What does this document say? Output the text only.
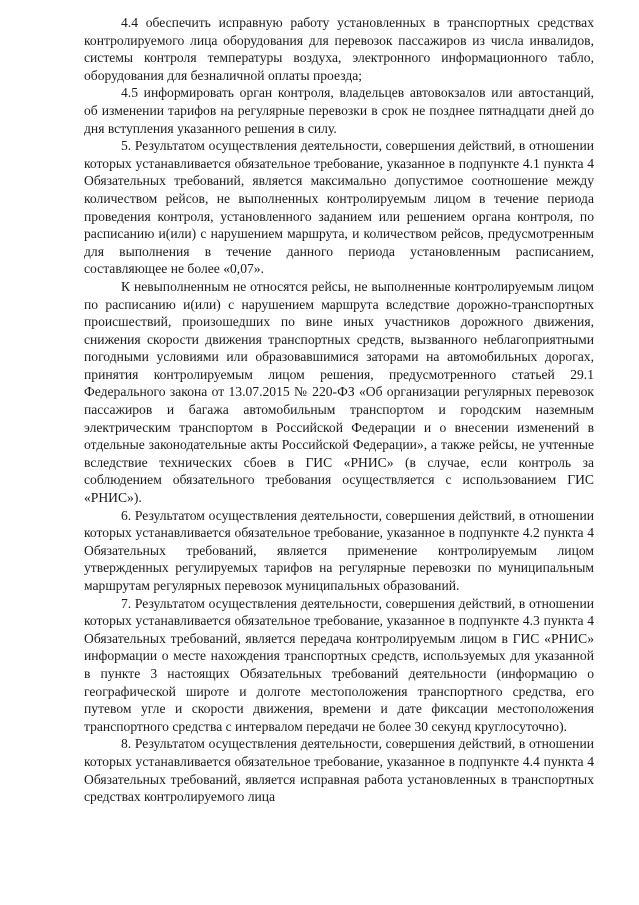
4.4 обеспечить исправную работу установленных в транспортных средствах контролируемого лица оборудования для перевозок пассажиров из числа инвалидов, системы контроля температуры воздуха, электронного информационного табло, оборудования для безналичной оплаты проезда;

4.5 информировать орган контроля, владельцев автовокзалов или автостанций, об изменении тарифов на регулярные перевозки в срок не позднее пятнадцати дней до дня вступления указанного решения в силу.

5. Результатом осуществления деятельности, совершения действий, в отношении которых устанавливается обязательное требование, указанное в подпункте 4.1 пункта 4 Обязательных требований, является максимально допустимое соотношение между количеством рейсов, не выполненных контролируемым лицом в течение периода проведения контроля, установленного заданием или решением органа контроля, по расписанию и(или) с нарушением маршрута, и количеством рейсов, предусмотренным для выполнения в течение данного периода установленным расписанием, составляющее не более «0,07».

К невыполненным не относятся рейсы, не выполненные контролируемым лицом по расписанию и(или) с нарушением маршрута вследствие дорожно-транспортных происшествий, произошедших по вине иных участников дорожного движения, снижения скорости движения транспортных средств, вызванного неблагоприятными погодными условиями или образовавшимися заторами на автомобильных дорогах, принятия контролируемым лицом решения, предусмотренного статьей 29.1 Федерального закона от 13.07.2015 № 220-ФЗ «Об организации регулярных перевозок пассажиров и багажа автомобильным транспортом и городским наземным электрическим транспортом в Российской Федерации и о внесении изменений в отдельные законодательные акты Российской Федерации», а также рейсы, не учтенные вследствие технических сбоев в ГИС «РНИС» (в случае, если контроль за соблюдением обязательного требования осуществляется с использованием ГИС «РНИС»).

6. Результатом осуществления деятельности, совершения действий, в отношении которых устанавливается обязательное требование, указанное в подпункте 4.2 пункта 4 Обязательных требований, является применение контролируемым лицом утвержденных регулируемых тарифов на регулярные перевозки по муниципальным маршрутам регулярных перевозок муниципальных образований.

7. Результатом осуществления деятельности, совершения действий, в отношении которых устанавливается обязательное требование, указанное в подпункте 4.3 пункта 4 Обязательных требований, является передача контролируемым лицом в ГИС «РНИС» информации о месте нахождения транспортных средств, используемых для указанной в пункте 3 настоящих Обязательных требований деятельности (информацию о географической широте и долготе местоположения транспортного средства, его путевом угле и скорости движения, времени и дате фиксации местоположения транспортного средства с интервалом передачи не более 30 секунд круглосуточно).

8. Результатом осуществления деятельности, совершения действий, в отношении которых устанавливается обязательное требование, указанное в подпункте 4.4 пункта 4 Обязательных требований, является исправная работа установленных в транспортных средствах контролируемого лица
